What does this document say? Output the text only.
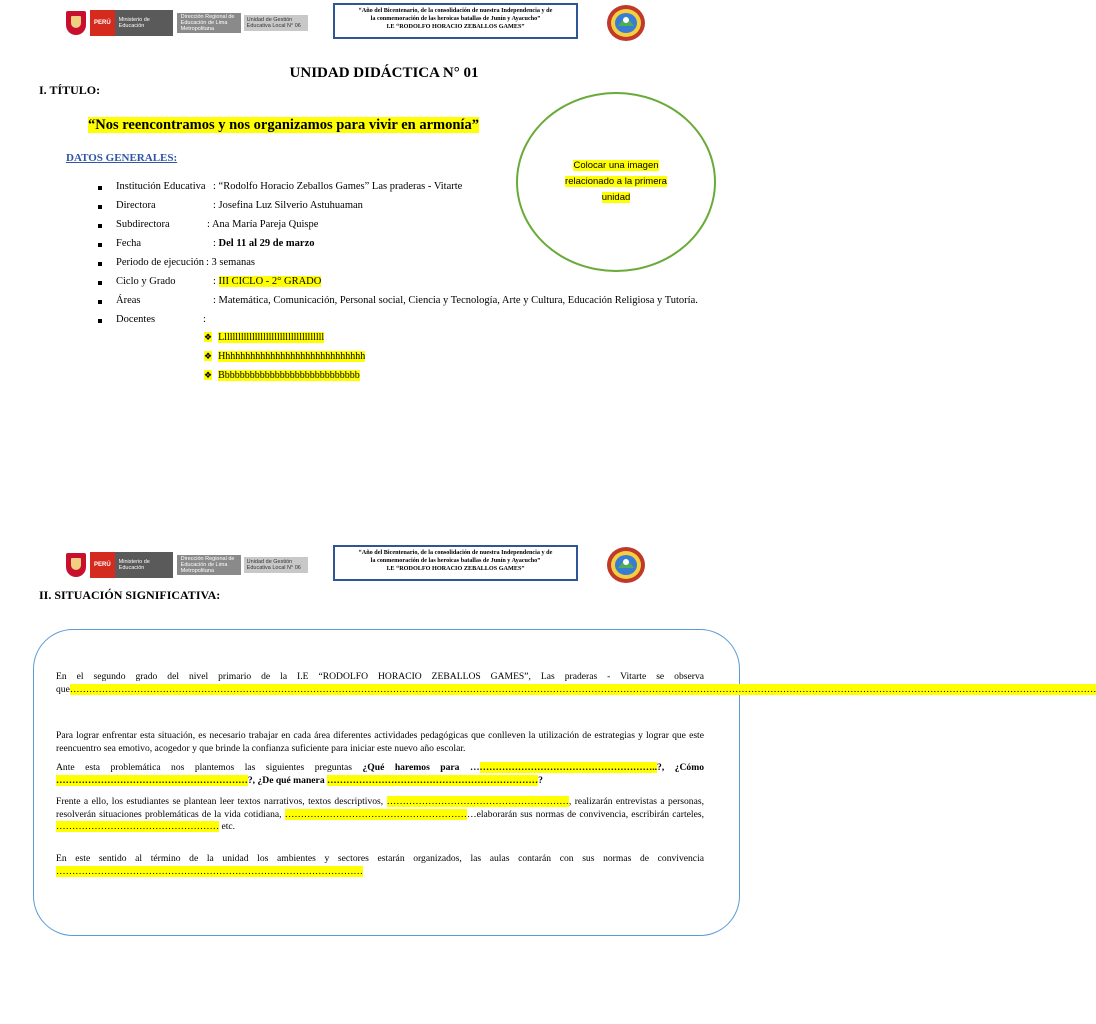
PERÚ	Ministerio de Educación
Dirección Regional de Educación de Lima Metropolitana
Unidad de Gestión Educativa Local N° 06
“Año del Bicentenario, de la consolidación de nuestra Independencia y de
la conmemoración de las heroicas batallas de Junín y Ayacucho”
I.E “RODOLFO HORACIO ZEBALLOS GAMES”
UNIDAD DIDÁCTICA N° 01
I. TÍTULO:
“Nos reencontramos y nos organizamos para vivir en armonía”
DATOS GENERALES:
Colocar una imagen relacionado a la primera unidad
Institución Educativa : “Rodolfo Horacio Zeballos Games” Las praderas - Vitarte
Directora	: Josefina Luz Silverio Astuhuaman
Subdirectora	: Ana María Pareja Quispe
Fecha	: Del 11 al 29 de marzo
Periodo de ejecución : 3 semanas
Ciclo y Grado	: III CICLO - 2° GRADO
Áreas	: Matemática, Comunicación, Personal social, Ciencia y Tecnología, Arte y Cultura, Educación Religiosa y Tutoría.
Docentes	:
❖ Lllllllllllllllllllllllllllllllllllll
❖ Hhhhhhhhhhhhhhhhhhhhhhhhhhhhh
❖ Bbbbbbbbbbbbbbbbbbbbbbbbbbbb
PERÚ	Ministerio de Educación
Dirección Regional de Educación de Lima Metropolitana
Unidad de Gestión Educativa Local N° 06
“Año del Bicentenario, de la consolidación de nuestra Independencia y de
la conmemoración de las heroicas batallas de Junín y Ayacucho”
I.E “RODOLFO HORACIO ZEBALLOS GAMES”
II. SITUACIÓN SIGNIFICATIVA:
En el segundo grado del nivel primario de la I.E “RODOLFO HORACIO ZEBALLOS GAMES”, Las praderas - Vitarte se observa que……………………………………………………………………………………………………………………………………………………………………………………………………………………………………………………………………………………………
Para lograr enfrentar esta situación, es necesario trabajar en cada área diferentes actividades pedagógicas que conlleven la utilización de estrategias y lograr que este reencuentro sea emotivo, acogedor y que brinde la confianza suficiente para iniciar este nuevo año escolar.
Ante esta problemática nos plantemos las siguientes preguntas ¿Qué haremos para …………………………………………………..?, ¿Cómo ……………………………………………………?, ¿De qué manera …………………………………………………………?
Frente a ello, los estudiantes se plantean leer textos narrativos, textos descriptivos, …………………………………………………, realizarán entrevistas a personas, resolverán situaciones problemáticas de la vida cotidiana, ……………………………………………………elaborarán sus normas de convivencia, escribirán carteles, …………………………………………… etc.
En este sentido al término de la unidad los ambientes y sectores estarán organizados, las aulas contarán con sus normas de convivencia ……………………………………………………………………………………
